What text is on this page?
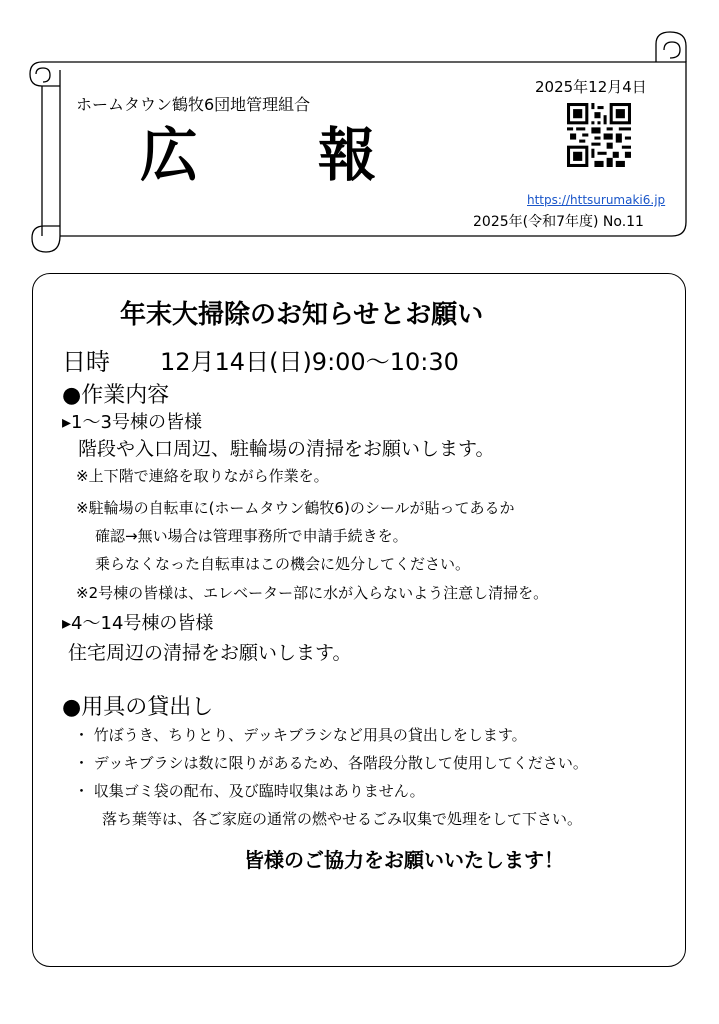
ホームタウン鶴牧6団地管理組合
2025年12月4日
広報
https://httsurumaki6.jp
2025年(令和7年度) No.11
年末大掃除のお知らせとお願い
日時 12月14日(日)9:00〜10:30
●作業内容
▸1〜3号棟の皆様
階段や入口周辺、駐輪場の清掃をお願いします。
※上下階で連絡を取りながら作業を。
※駐輪場の自転車に(ホームタウン鶴牧6)のシールが貼ってあるか
確認→無い場合は管理事務所で申請手続きを。
乗らなくなった自転車はこの機会に処分してください。
※2号棟の皆様は、エレベーター部に水が入らないよう注意し清掃を。
▸4〜14号棟の皆様
住宅周辺の清掃をお願いします。
●用具の貸出し
・ 竹ぼうき、ちりとり、デッキブラシなど用具の貸出しをします。
・ デッキブラシは数に限りがあるため、各階段分散して使用してください。
・ 収集ゴミ袋の配布、及び臨時収集はありません。
落ち葉等は、各ご家庭の通常の燃やせるごみ収集で処理をして下さい。
皆様のご協力をお願いいたします！
